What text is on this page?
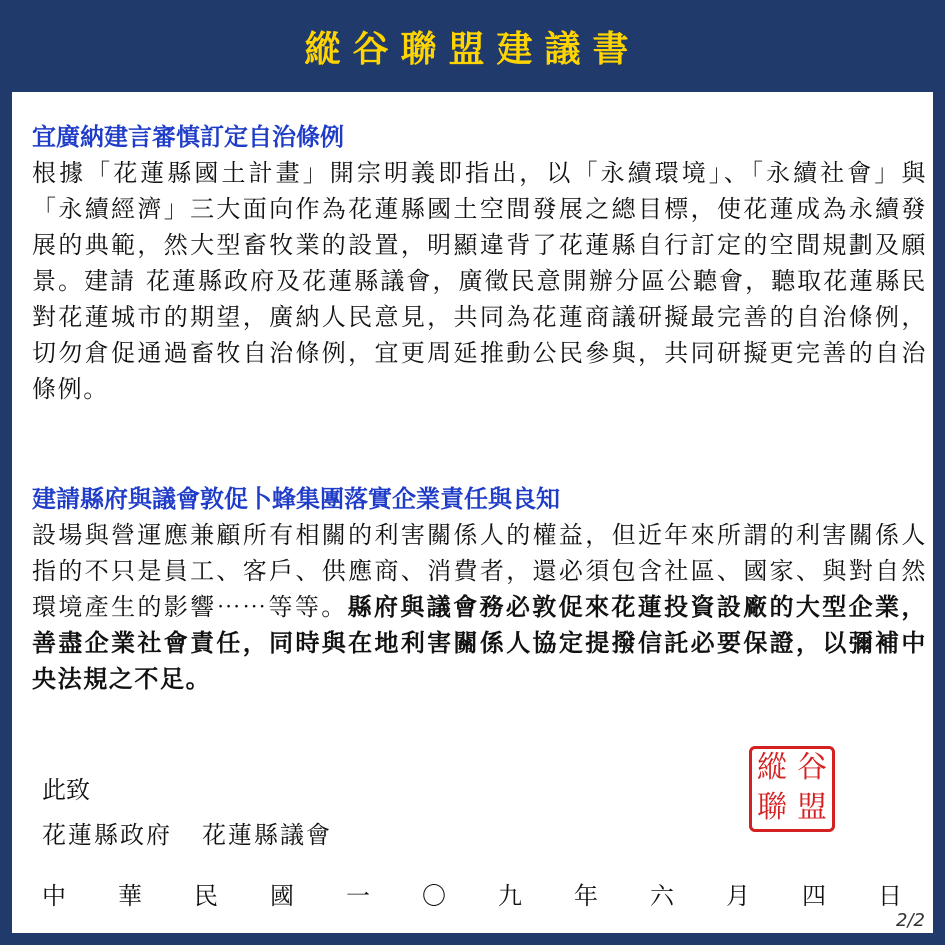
縱谷聯盟建議書
宜廣納建言審慎訂定自治條例

根據「花蓮縣國土計畫」開宗明義即指出，以「永續環境」、「永續社會」與「永續經濟」三大面向作為花蓮縣國土空間發展之總目標，使花蓮成為永續發展的典範，然大型畜牧業的設置，明顯違背了花蓮縣自行訂定的空間規劃及願景。建請 花蓮縣政府及花蓮縣議會，廣徵民意開辦分區公聽會，聽取花蓮縣民對花蓮城市的期望，廣納人民意見，共同為花蓮商議研擬最完善的自治條例，切勿倉促通過畜牧自治條例，宜更周延推動公民參與，共同研擬更完善的自治條例。

建請縣府與議會敦促卜蜂集團落實企業責任與良知

設場與營運應兼顧所有相關的利害關係人的權益，但近年來所謂的利害關係人指的不只是員工、客戶、供應商、消費者，還必須包含社區、國家、與對自然環境產生的影響⋯⋯等等。縣府與議會務必敦促來花蓮投資設廠的大型企業，善盡企業社會責任，同時與在地利害關係人協定提撥信託必要保證，以彌補中央法規之不足。

此致
花蓮縣政府 花蓮縣議會
中 華 民 國 一 〇 九 年 六 月 四 日
縱 谷
聯 盟
2/2
